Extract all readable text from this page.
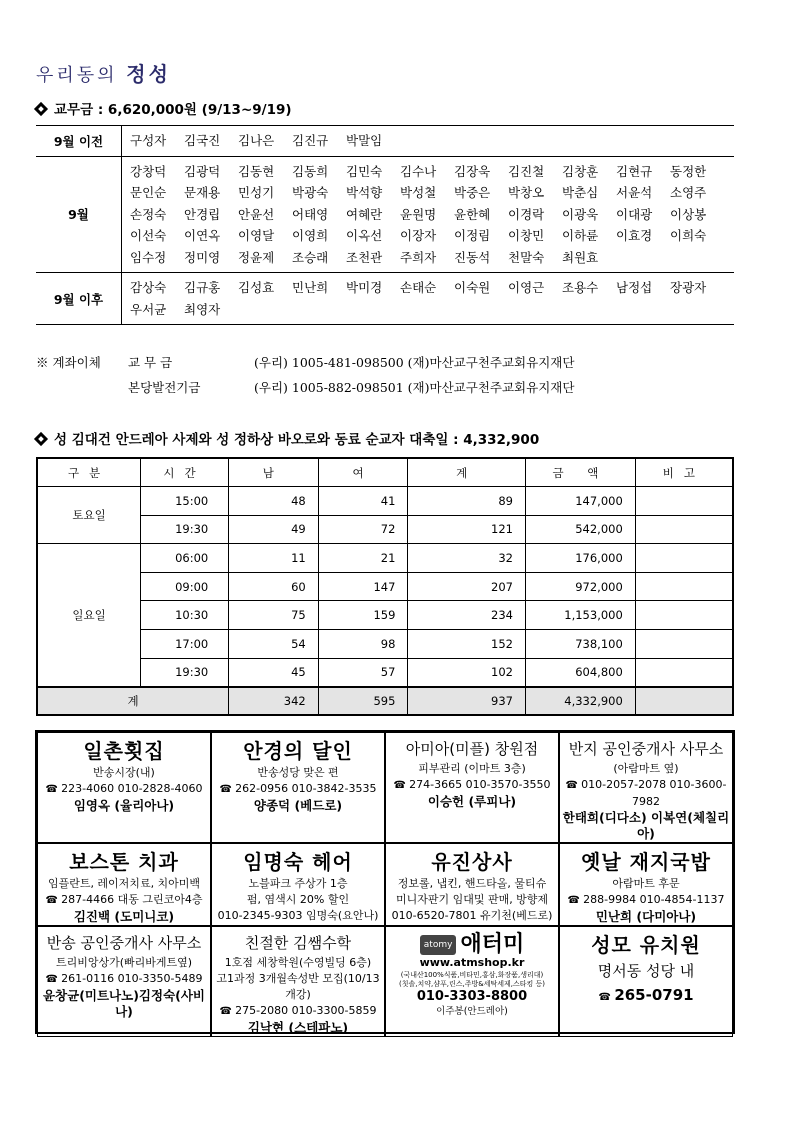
우리동의 정성
교무금 : 6,620,000원 (9/13~9/19)
9월 이전	구성자 김국진 김나은 김진규 박말임
9월
강창덕 김광덕 김동현 김동희 김민숙 김수나 김장욱 김진철 김창훈 김현규 동정한
문인순 문재용 민성기 박광숙 박석향 박성철 박중은 박창오 박춘심 서윤석 소영주
손정숙 안경립 안윤선 어태영 여혜란 윤원명 윤한혜 이경락 이광욱 이대광 이상봉
이선숙 이연옥 이영달 이영희 이옥선 이장자 이정림 이창민 이하륜 이효경 이희숙
임수정 정미영 정윤제 조승래 조천관 주희자 진동석 천말숙 최원효
9월 이후
감상숙 김규홍 김성효 민난희 박미경 손태순 이숙원 이영근 조용수 남정섭 장광자
우서균 최영자
※ 계좌이체 교 무 금	(우리) 1005-481-098500 (재)마산교구천주교회유지재단
본당발전기금	(우리) 1005-882-098501 (재)마산교구천주교회유지재단
성 김대건 안드레아 사제와 성 정하상 바오로와 동료 순교자 대축일 : 4,332,900
구분	시간	남	여	계	금 액	비고
토요일	15:00	48	41	89	147,000	
	19:30	49	72	121	542,000	
일요일	06:00	11	21	32	176,000	
	09:00	60	147	207	972,000	
	10:30	75	159	234	1,153,000	
	17:00	54	98	152	738,100	
	19:30	45	57	102	604,800	
계		342	595	937	4,332,900	
일촌횟집
반송시장(내)
☎ 223-4060 010-2828-4060
임영옥 (율리아나)
안경의 달인
반송성당 맞은 편
☎ 262-0956 010-3842-3535
양종덕 (베드로)
아미아(미플) 창원점
피부관리 (이마트 3층)
☎ 274-3665 010-3570-3550
이승헌 (루피나)
반지 공인중개사 사무소
(아람마트 옆)
☎ 010-2057-2078 010-3600-7982
한태희(디다소) 이복연(체칠리아)
보스톤 치과
임플란트, 레이저치료, 치아미백
☎ 287-4466 대동 그린코아4층
김진백 (도미니코)
임명숙 헤어
노블파크 주상가 1층
펌, 염색시 20% 할인
010-2345-9303 임명숙(요안나)
유진상사
정보롤, 냅킨, 핸드타올, 물티슈
미니자판기 임대및 판매, 방향제
010-6520-7801 유기천(베드로)
옛날 재지국밥
아람마트 후문
☎ 288-9984 010-4854-1137
민난희 (다미아나)
반송 공인중개사 사무소
트리비앙상가(빠리바게트옆)
☎ 261-0116 010-3350-5489
윤창균(미트나노)김정숙(사비나)
친절한 김쌤수학
1호점 세창학원(수영빌딩 6층)
고1과정 3개월속성반 모집(10/13 개강)
☎ 275-2080 010-3300-5859
김낙현 (스테파노)
atomy 애터미
www.atmshop.kr
(국내산100%식품,비타민,홍삼,화장품,생리대)
(칫솔,치약,샴푸,린스,주방&세탁세제,스타킹 등)
010-3303-8800
이주봉(안드레아)
성모 유치원
명서동 성당 내
☎ 265-0791
